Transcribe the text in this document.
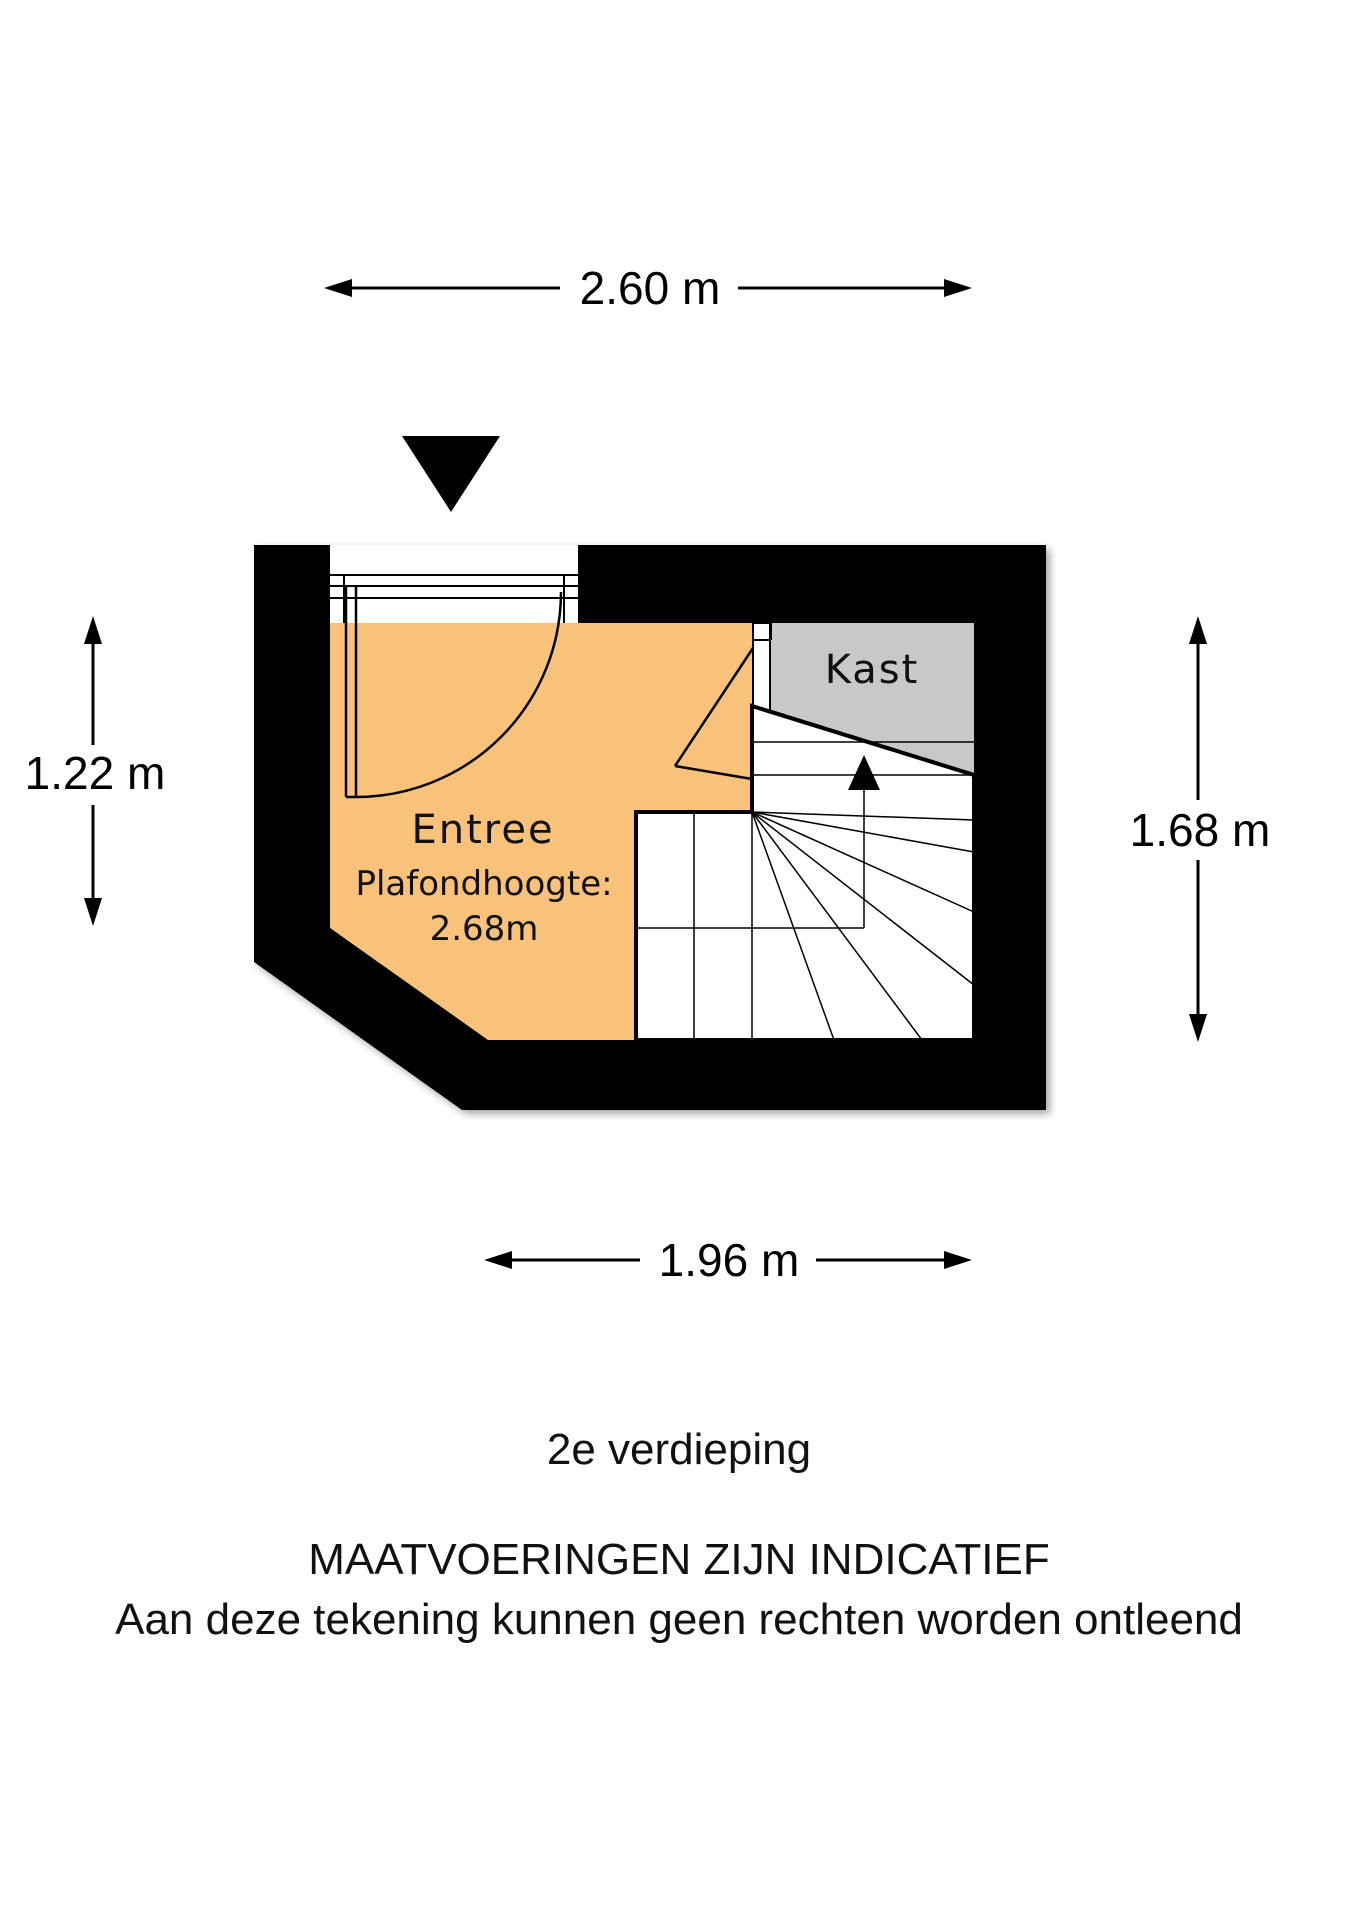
2.60 m
Kast
Entree
Plafondhoogte:
2.68m
1.22 m
1.68 m
1.96 m
2e verdieping
MAATVOERINGEN ZIJN INDICATIEF
Aan deze tekening kunnen geen rechten worden ontleend
